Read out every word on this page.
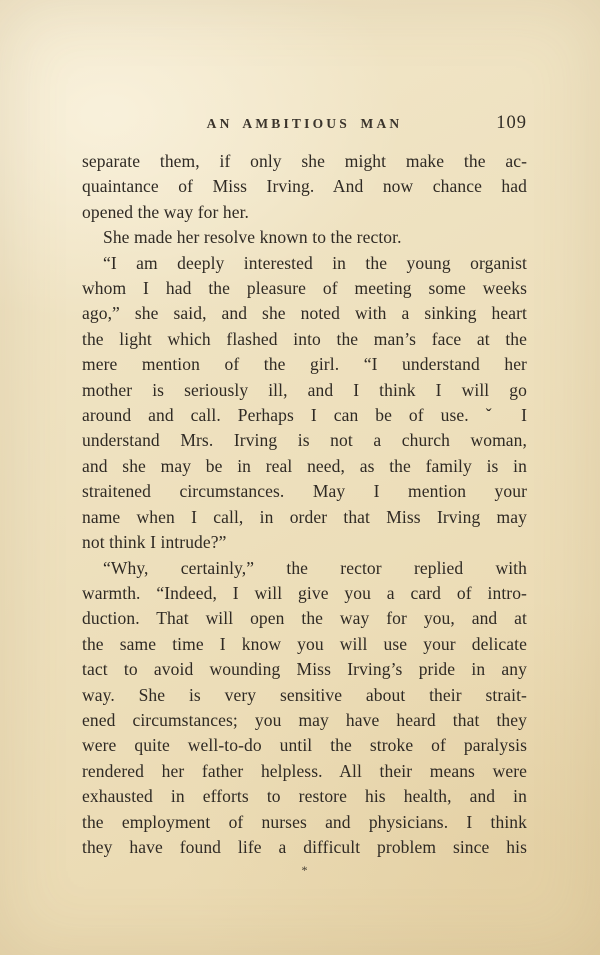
AN AMBITIOUS MAN	109
separate them, if only she might make the ac-
quaintance of Miss Irving. And now chance had
opened the way for her.
She made her resolve known to the rector.
“I am deeply interested in the young organist
whom I had the pleasure of meeting some weeks
ago,” she said, and she noted with a sinking heart
the light which flashed into the man’s face at the
mere mention of the girl. “I understand her
mother is seriously ill, and I think I will go
around and call. Perhaps I can be of use. ˇ I
understand Mrs. Irving is not a church woman,
and she may be in real need, as the family is in
straitened circumstances. May I mention your
name when I call, in order that Miss Irving may
not think I intrude?”
“Why, certainly,” the rector replied with
warmth. “Indeed, I will give you a card of intro-
duction. That will open the way for you, and at
the same time I know you will use your delicate
tact to avoid wounding Miss Irving’s pride in any
way. She is very sensitive about their strait-
ened circumstances; you may have heard that they
were quite well-to-do until the stroke of paralysis
rendered her father helpless. All their means were
exhausted in efforts to restore his health, and in
the employment of nurses and physicians. I think
they have found life a difficult problem since his
*
